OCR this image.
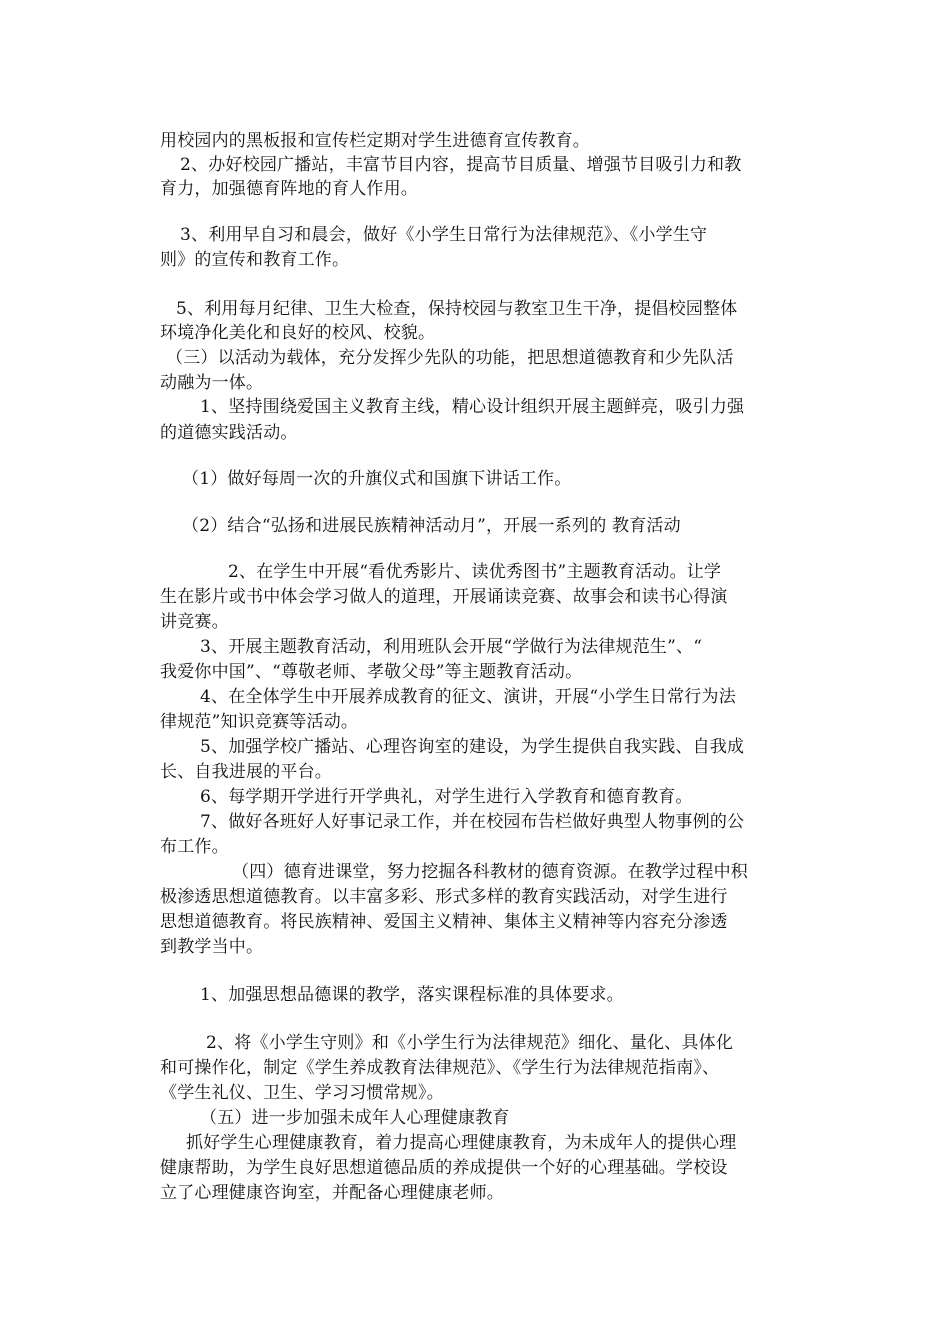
用校园内的黑板报和宣传栏定期对学生进德育宣传教育。
2、办好校园广播站，丰富节目内容，提高节目质量、增强节目吸引力和教
育力，加强德育阵地的育人作用。
3、利用早自习和晨会，做好《小学生日常行为法律规范》、《小学生守
则》的宣传和教育工作。
5、利用每月纪律、卫生大检查，保持校园与教室卫生干净，提倡校园整体
环境净化美化和良好的校风、校貌。
（三）以活动为载体，充分发挥少先队的功能，把思想道德教育和少先队活
动融为一体。
1、坚持围绕爱国主义教育主线，精心设计组织开展主题鲜亮，吸引力强
的道德实践活动。
（1）做好每周一次的升旗仪式和国旗下讲话工作。
（2）结合“弘扬和进展民族精神活动月”，开展一系列的 教育活动
2、在学生中开展“看优秀影片、读优秀图书”主题教育活动。让学
生在影片或书中体会学习做人的道理，开展诵读竞赛、故事会和读书心得演
讲竞赛。
3、开展主题教育活动，利用班队会开展“学做行为法律规范生”、“
我爱你中国”、“尊敬老师、孝敬父母”等主题教育活动。
4、在全体学生中开展养成教育的征文、演讲，开展“小学生日常行为法
律规范”知识竞赛等活动。
5、加强学校广播站、心理咨询室的建设，为学生提供自我实践、自我成
长、自我进展的平台。
6、每学期开学进行开学典礼，对学生进行入学教育和德育教育。
7、做好各班好人好事记录工作，并在校园布告栏做好典型人物事例的公
布工作。
（四）德育进课堂，努力挖掘各科教材的德育资源。在教学过程中积
极渗透思想道德教育。以丰富多彩、形式多样的教育实践活动，对学生进行
思想道德教育。将民族精神、爱国主义精神、集体主义精神等内容充分渗透
到教学当中。
1、加强思想品德课的教学，落实课程标准的具体要求。
2、将《小学生守则》和《小学生行为法律规范》细化、量化、具体化
和可操作化，制定《学生养成教育法律规范》、《学生行为法律规范指南》、
《学生礼仪、卫生、学习习惯常规》。
（五）进一步加强未成年人心理健康教育
抓好学生心理健康教育，着力提高心理健康教育，为未成年人的提供心理
健康帮助，为学生良好思想道德品质的养成提供一个好的心理基础。学校设
立了心理健康咨询室，并配备心理健康老师。
